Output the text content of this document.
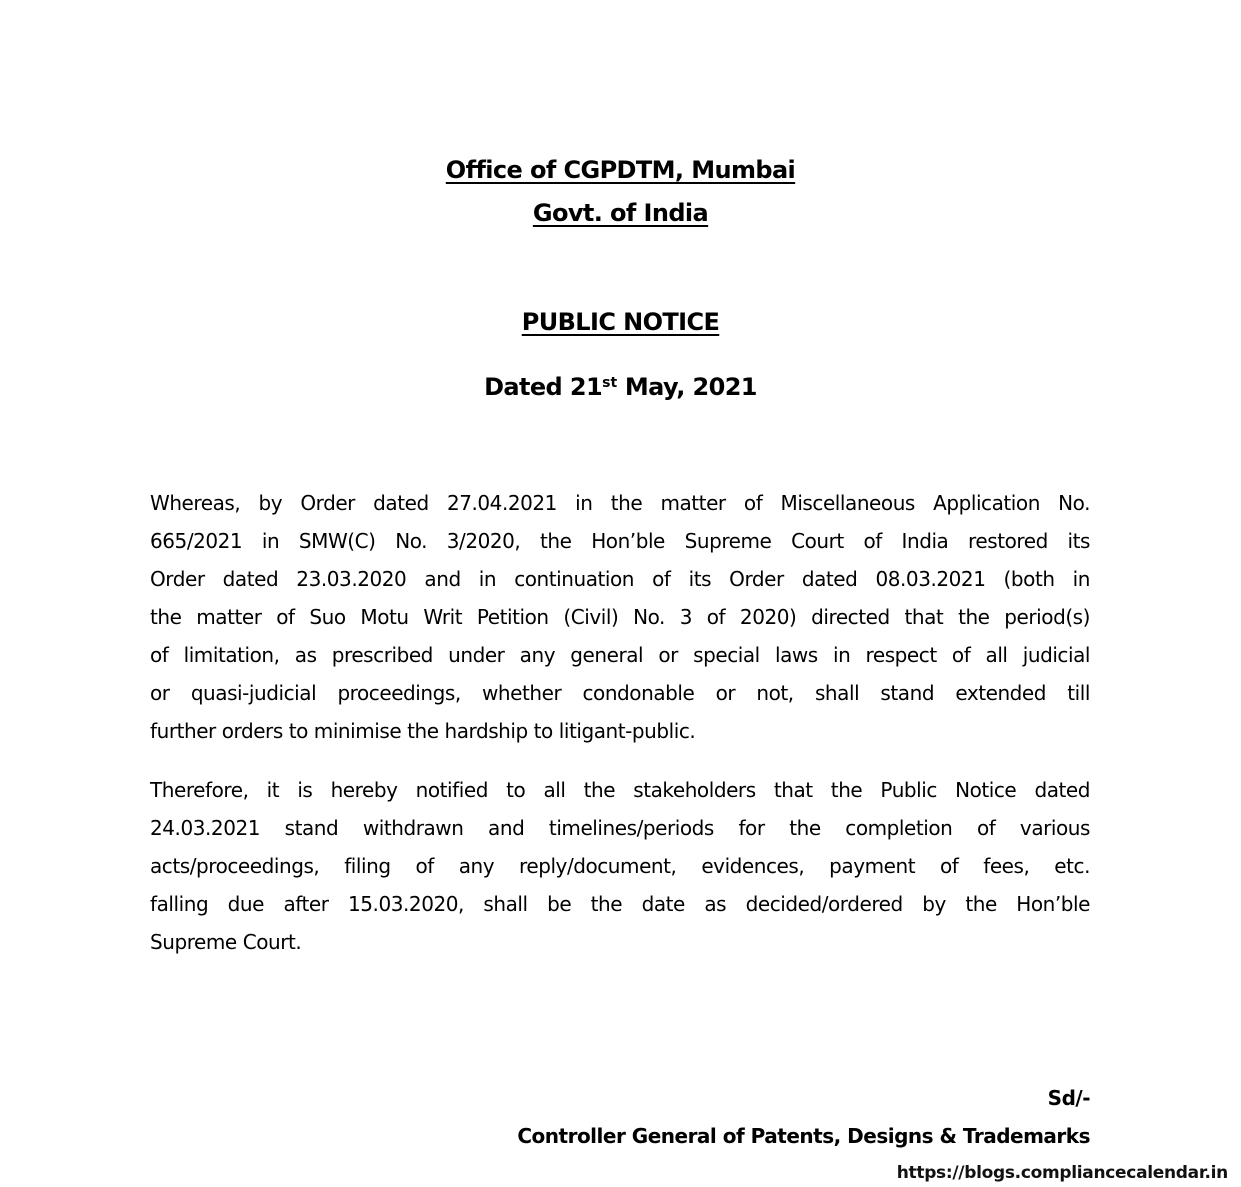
Office of CGPDTM, Mumbai
Govt. of India
PUBLIC NOTICE
Dated 21st May, 2021
Whereas, by Order dated 27.04.2021 in the matter of Miscellaneous Application No.
665/2021 in SMW(C) No. 3/2020, the Hon’ble Supreme Court of India restored its
Order dated 23.03.2020 and in continuation of its Order dated 08.03.2021 (both in
the matter of Suo Motu Writ Petition (Civil) No. 3 of 2020) directed that the period(s)
of limitation, as prescribed under any general or special laws in respect of all judicial
or quasi-judicial proceedings, whether condonable or not, shall stand extended till
further orders to minimise the hardship to litigant-public.
Therefore, it is hereby notified to all the stakeholders that the Public Notice dated
24.03.2021 stand withdrawn and timelines/periods for the completion of various
acts/proceedings, filing of any reply/document, evidences, payment of fees, etc.
falling due after 15.03.2020, shall be the date as decided/ordered by the Hon’ble
Supreme Court.
Sd/-
Controller General of Patents, Designs & Trademarks
https://blogs.compliancecalendar.in
